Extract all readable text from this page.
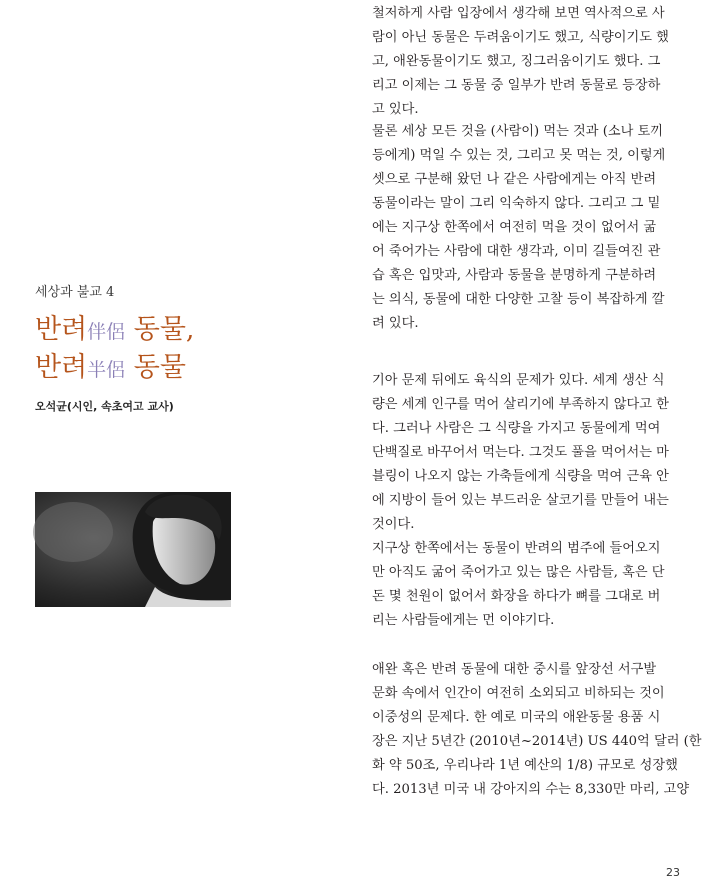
세상과 불교 4
반려伴侶 동물,
반려半侶 동물
오석균(시인, 속초여고 교사)
철저하게 사람 입장에서 생각해 보면 역사적으로 사
람이 아닌 동물은 두려움이기도 했고, 식량이기도 했
고, 애완동물이기도 했고, 징그러움이기도 했다. 그
리고 이제는 그 동물 중 일부가 반려 동물로 등장하
고 있다.
물론 세상 모든 것을 (사람이) 먹는 것과 (소나 토끼
등에게) 먹일 수 있는 것, 그리고 못 먹는 것, 이렇게
셋으로 구분해 왔던 나 같은 사람에게는 아직 반려
동물이라는 말이 그리 익숙하지 않다. 그리고 그 밑
에는 지구상 한쪽에서 여전히 먹을 것이 없어서 굶
어 죽어가는 사람에 대한 생각과, 이미 길들여진 관
습 혹은 입맛과, 사람과 동물을 분명하게 구분하려
는 의식, 동물에 대한 다양한 고찰 등이 복잡하게 깔
려 있다.
기아 문제 뒤에도 육식의 문제가 있다. 세계 생산 식
량은 세계 인구를 먹어 살리기에 부족하지 않다고 한
다. 그러나 사람은 그 식량을 가지고 동물에게 먹여
단백질로 바꾸어서 먹는다. 그것도 풀을 먹어서는 마
블링이 나오지 않는 가축들에게 식량을 먹여 근육 안
에 지방이 들어 있는 부드러운 살코기를 만들어 내는
것이다.
지구상 한쪽에서는 동물이 반려의 범주에 들어오지
만 아직도 굶어 죽어가고 있는 많은 사람들, 혹은 단
돈 몇 천원이 없어서 화장을 하다가 뼈를 그대로 버
리는 사람들에게는 먼 이야기다.
애완 혹은 반려 동물에 대한 중시를 앞장선 서구발
문화 속에서 인간이 여전히 소외되고 비하되는 것이
이중성의 문제다. 한 예로 미국의 애완동물 용품 시
장은 지난 5년간 (2010년~2014년) US 440억 달러 (한
화 약 50조, 우리나라 1년 예산의 1/8) 규모로 성장했
다. 2013년 미국 내 강아지의 수는 8,330만 마리, 고양
23
